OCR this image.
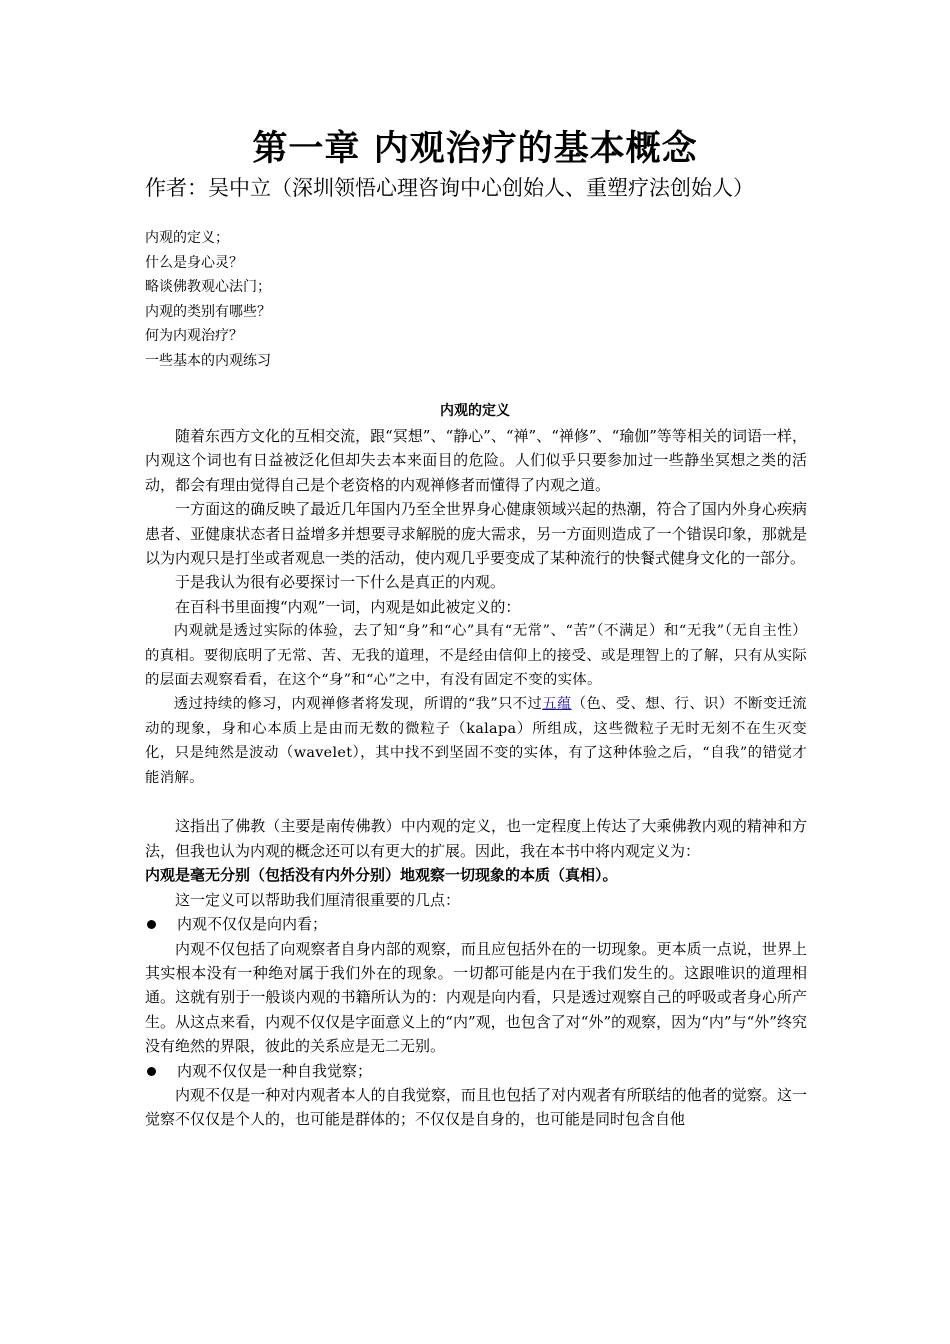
第一章 内观治疗的基本概念
作者：吴中立（深圳领悟心理咨询中心创始人、重塑疗法创始人）
内观的定义；
什么是身心灵？
略谈佛教观心法门；
内观的类别有哪些？
何为内观治疗？
一些基本的内观练习
内观的定义

随着东西方文化的互相交流，跟“冥想”、“静心”、“禅”、“禅修”、“瑜伽”等等相关的词语一样，内观这个词也有日益被泛化但却失去本来面目的危险。人们似乎只要参加过一些静坐冥想之类的活动，都会有理由觉得自己是个老资格的内观禅修者而懂得了内观之道。

一方面这的确反映了最近几年国内乃至全世界身心健康领域兴起的热潮，符合了国内外身心疾病患者、亚健康状态者日益增多并想要寻求解脱的庞大需求，另一方面则造成了一个错误印象，那就是以为内观只是打坐或者观息一类的活动，使内观几乎要变成了某种流行的快餐式健身文化的一部分。

于是我认为很有必要探讨一下什么是真正的内观。

在百科书里面搜“内观”一词，内观是如此被定义的：

内观就是透过实际的体验，去了知“身”和“心”具有“无常”、“苦”（不满足）和“无我”（无自主性）的真相。要彻底明了无常、苦、无我的道理，不是经由信仰上的接受、或是理智上的了解，只有从实际的层面去观察看看，在这个“身”和“心”之中，有没有固定不变的实体。

透过持续的修习，内观禅修者将发现，所谓的“我”只不过五蕴（色、受、想、行、识）不断变迁流动的现象，身和心本质上是由而无数的微粒子（kalapa）所组成，这些微粒子无时无刻不在生灭变化，只是纯然是波动（wavelet），其中找不到坚固不变的实体，有了这种体验之后，“自我”的错觉才能消解。

这指出了佛教（主要是南传佛教）中内观的定义，也一定程度上传达了大乘佛教内观的精神和方法，但我也认为内观的概念还可以有更大的扩展。因此，我在本书中将内观定义为：

内观是毫无分别（包括没有内外分别）地观察一切现象的本质（真相）。

这一定义可以帮助我们厘清很重要的几点：

内观不仅仅是向内看；

内观不仅包括了向观察者自身内部的观察，而且应包括外在的一切现象。更本质一点说，世界上其实根本没有一种绝对属于我们外在的现象。一切都可能是内在于我们发生的。这跟唯识的道理相通。这就有别于一般谈内观的书籍所认为的：内观是向内看，只是透过观察自己的呼吸或者身心所产生。从这点来看，内观不仅仅是字面意义上的“内”观，也包含了对“外”的观察，因为“内”与“外”终究没有绝然的界限，彼此的关系应是无二无别。

内观不仅仅是一种自我觉察；

内观不仅是一种对内观者本人的自我觉察，而且也包括了对内观者有所联结的他者的觉察。这一觉察不仅仅是个人的，也可能是群体的；不仅仅是自身的，也可能是同时包含自他
